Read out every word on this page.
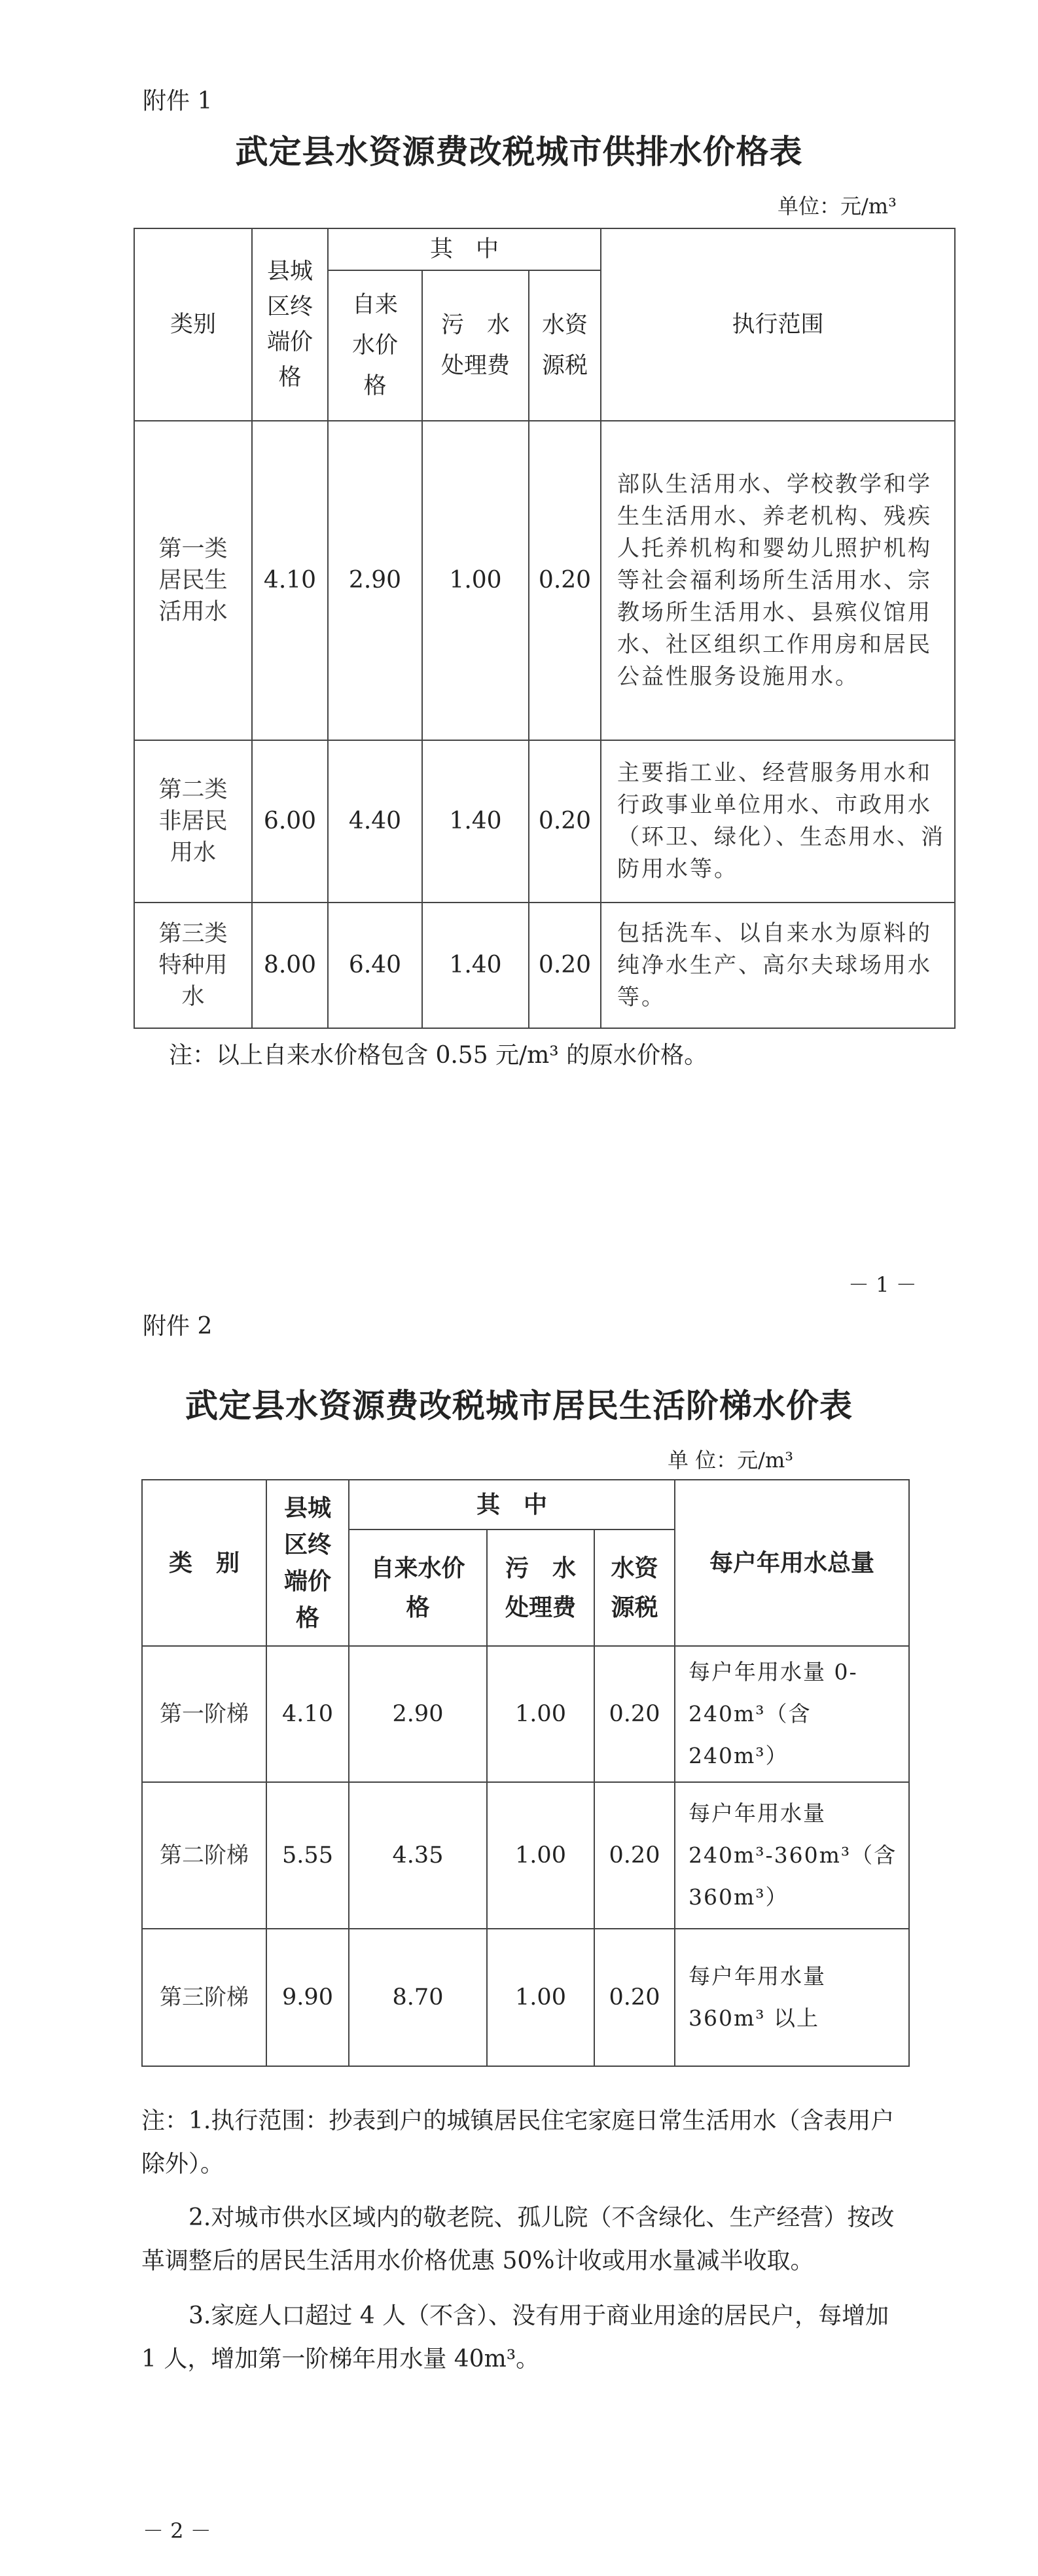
附件 1
武定县水资源费改税城市供排水价格表
单位：元/m³
类别	县城区终端价格	其　中			执行范围
		自来水价格	污　水处理费	水资源税	
第一类居民生活用水	4.10	2.90	1.00	0.20	部队生活用水、学校教学和学生生活用水、养老机构、残疾人托养机构和婴幼儿照护机构等社会福利场所生活用水、宗教场所生活用水、县殡仪馆用水、社区组织工作用房和居民公益性服务设施用水。
第二类非居民用水	6.00	4.40	1.40	0.20	主要指工业、经营服务用水和行政事业单位用水、市政用水（环卫、绿化）、生态用水、消防用水等。
第三类特种用水	8.00	6.40	1.40	0.20	包括洗车、以自来水为原料的纯净水生产、高尔夫球场用水等。
注：以上自来水价格包含 0.55 元/m³ 的原水价格。
－ 1 －
附件 2
武定县水资源费改税城市居民生活阶梯水价表
单 位：元/m³
类　别	县城区终端价格	其　中			每户年用水总量
		自来水价格	污　水处理费	水资源税	
第一阶梯	4.10	2.90	1.00	0.20	每户年用水量 0-240m³（含 240m³）
第二阶梯	5.55	4.35	1.00	0.20	每户年用水量 240m³-360m³（含 360m³）
第三阶梯	9.90	8.70	1.00	0.20	每户年用水量 360m³ 以上
注：1.执行范围：抄表到户的城镇居民住宅家庭日常生活用水（含表用户除外）。
2.对城市供水区域内的敬老院、孤儿院（不含绿化、生产经营）按改革调整后的居民生活用水价格优惠 50%计收或用水量减半收取。
3.家庭人口超过 4 人（不含）、没有用于商业用途的居民户，每增加 1 人，增加第一阶梯年用水量 40m³。
－ 2 －
